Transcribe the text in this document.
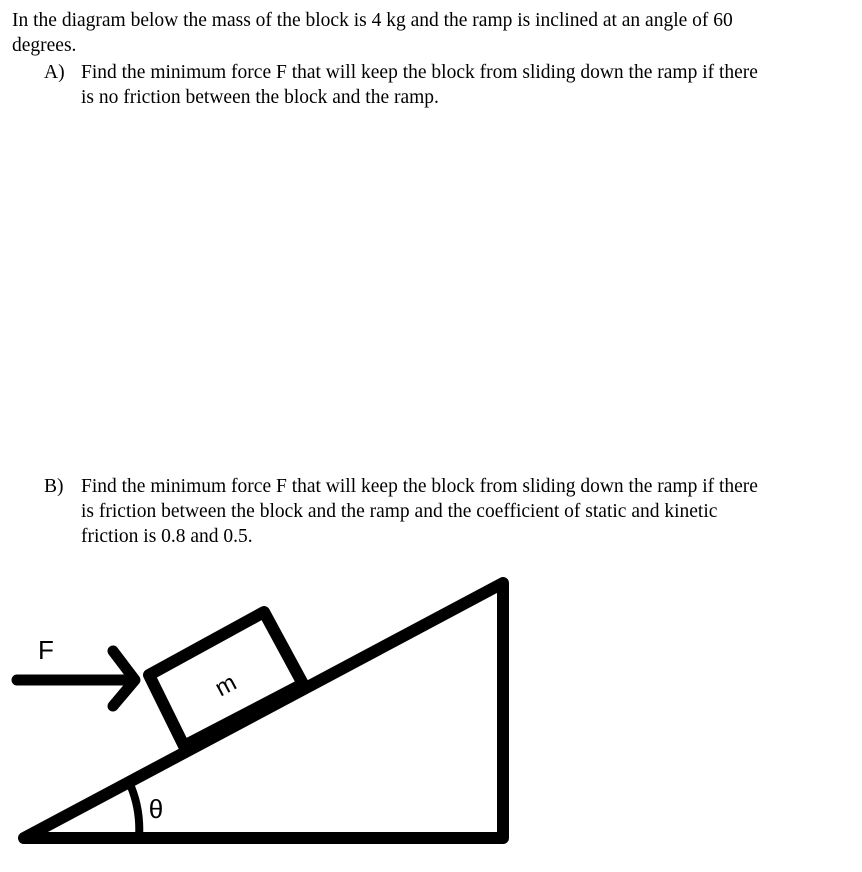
In the diagram below the mass of the block is 4 kg and the ramp is inclined at an angle of 60 degrees.

A) Find the minimum force F that will keep the block from sliding down the ramp if there is no friction between the block and the ramp.
B) Find the minimum force F that will keep the block from sliding down the ramp if there is friction between the block and the ramp and the coefficient of static and kinetic friction is 0.8 and 0.5.
F
m
θ
